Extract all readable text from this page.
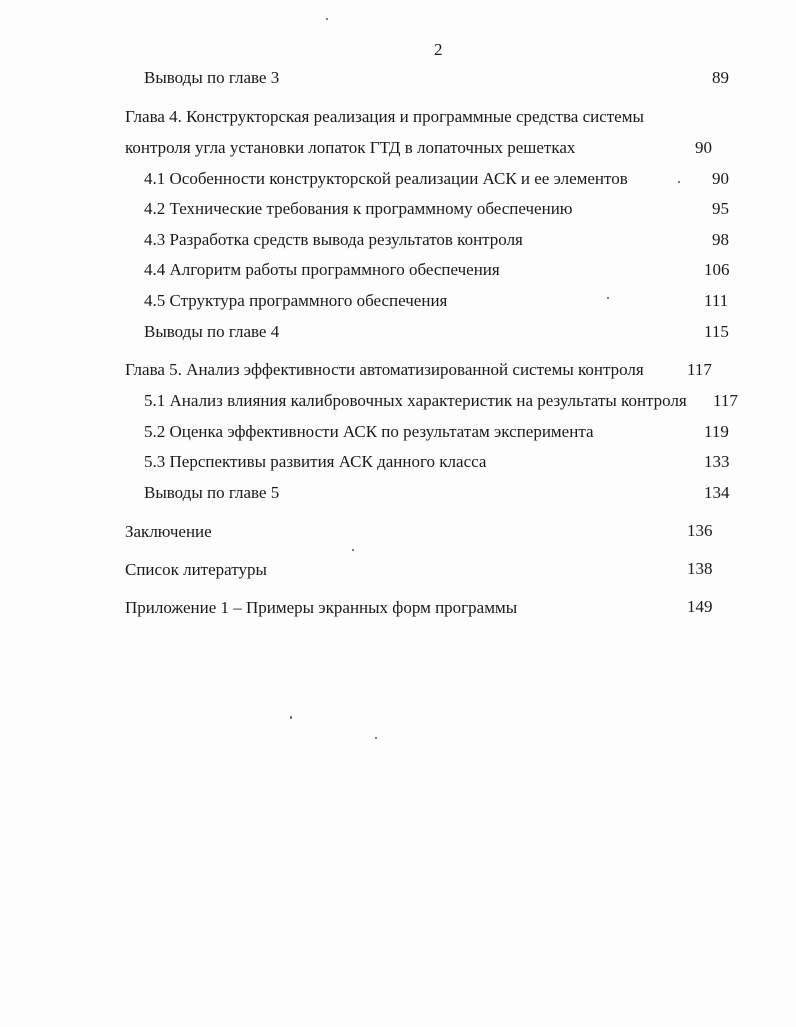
2
Выводы по главе 3	89
Глава 4. Конструкторская реализация и программные средства системы
контроля угла установки лопаток ГТД в лопаточных решетках	90
4.1 Особенности конструкторской реализации АСК и ее элементов	90
4.2 Технические требования к программному обеспечению	95
4.3 Разработка средств вывода результатов контроля	98
4.4 Алгоритм работы программного обеспечения	106
4.5 Структура программного обеспечения	111
Выводы по главе 4	115
Глава 5. Анализ эффективности автоматизированной системы контроля	117
5.1 Анализ влияния калибровочных характеристик на результаты контроля 117
5.2 Оценка эффективности АСК по результатам эксперимента	119
5.3 Перспективы развития АСК данного класса	133
Выводы по главе 5	134
Заключение	136
Список литературы	138
Приложение 1 – Примеры экранных форм программы	149
